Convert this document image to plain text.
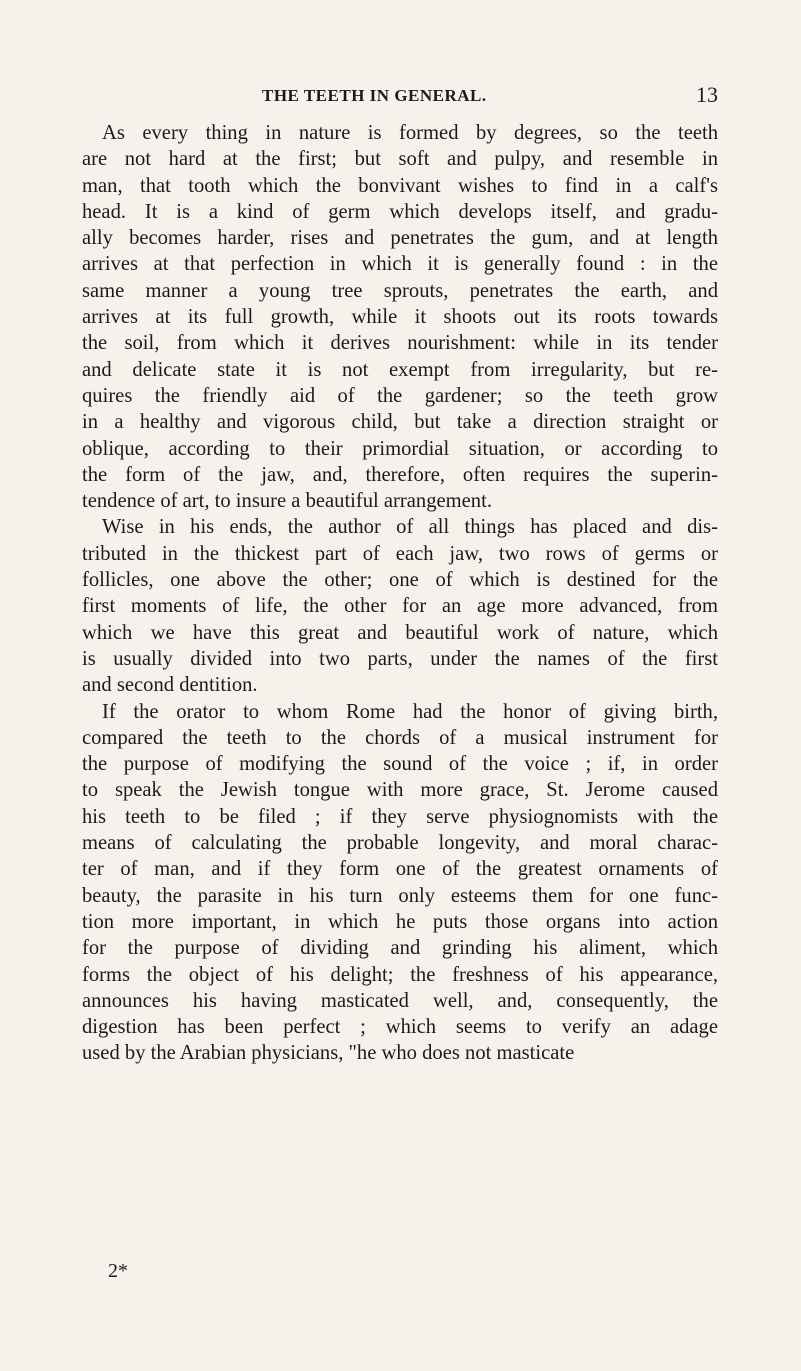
THE TEETH IN GENERAL.	13
As every thing in nature is formed by degrees, so the teeth
are not hard at the first; but soft and pulpy, and resemble in
man, that tooth which the bonvivant wishes to find in a calf's
head. It is a kind of germ which develops itself, and gradu-
ally becomes harder, rises and penetrates the gum, and at length
arrives at that perfection in which it is generally found : in the
same manner a young tree sprouts, penetrates the earth, and
arrives at its full growth, while it shoots out its roots towards
the soil, from which it derives nourishment: while in its tender
and delicate state it is not exempt from irregularity, but re-
quires the friendly aid of the gardener; so the teeth grow
in a healthy and vigorous child, but take a direction straight or
oblique, according to their primordial situation, or according to
the form of the jaw, and, therefore, often requires the superin-
tendence of art, to insure a beautiful arrangement.
Wise in his ends, the author of all things has placed and dis-
tributed in the thickest part of each jaw, two rows of germs or
follicles, one above the other; one of which is destined for the
first moments of life, the other for an age more advanced, from
which we have this great and beautiful work of nature, which
is usually divided into two parts, under the names of the first
and second dentition.
If the orator to whom Rome had the honor of giving birth,
compared the teeth to the chords of a musical instrument for
the purpose of modifying the sound of the voice ; if, in order
to speak the Jewish tongue with more grace, St. Jerome caused
his teeth to be filed ; if they serve physiognomists with the
means of calculating the probable longevity, and moral charac-
ter of man, and if they form one of the greatest ornaments of
beauty, the parasite in his turn only esteems them for one func-
tion more important, in which he puts those organs into action
for the purpose of dividing and grinding his aliment, which
forms the object of his delight; the freshness of his appearance,
announces his having masticated well, and, consequently, the
digestion has been perfect ; which seems to verify an adage
used by the Arabian physicians, "he who does not masticate
2*
